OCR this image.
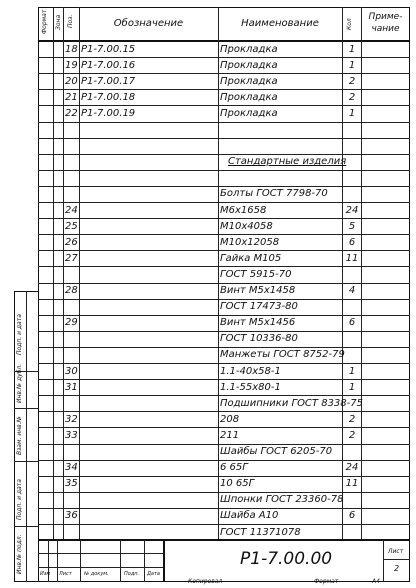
Формат Зона Поз.	Обозначение	Наименование	Кол
Приме-
чание
18 Р1-7.00.15	Прокладка	1
19 Р1-7.00.16	Прокладка	1
20 Р1-7.00.17	Прокладка	2
21 Р1-7.00.18	Прокладка	2
22 Р1-7.00.19	Прокладка	1
Стандартные изделия
Болты ГОСТ 7798-70
24	М6х1658	24
25	М10х4058	5
26	М10х12058	6
27	Гайка М105	11
ГОСТ 5915-70
28	Винт М5х1458	4
ГОСТ 17473-80
29	Винт М5х1456	6
ГОСТ 10336-80
Манжеты ГОСТ 8752-79
30	1.1-40х58-1	1
31	1.1-55х80-1	1
Подшипники ГОСТ 8338-75
32	208	2
33	211	2
Шайбы ГОСТ 6205-70
34	6 65Г	24
35	10 65Г	11
Шпонки ГОСТ 23360-78
36	Шайба А10	6
ГОСТ 11371078
Подп. и дата
Инв.№ дубл.
Взам. инв.№
Подп. и дата
Инв.№ подл.	Р1-7.00.00	Лист
2
Изм Лист № докум.	Подп. Дата
Копировал	Формат	А4
